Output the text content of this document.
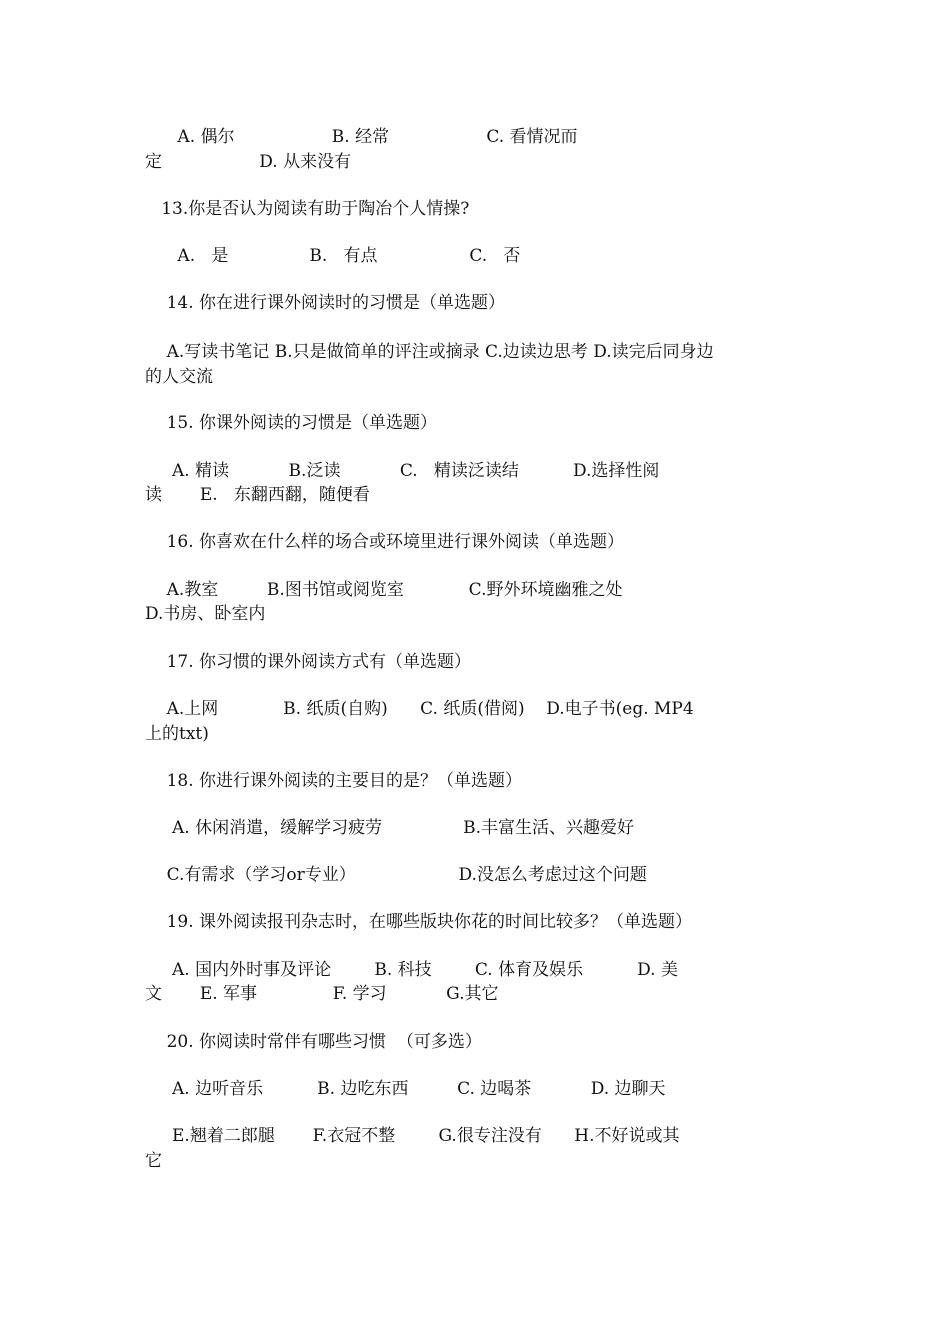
A. 偶尔                  B. 经常                  C. 看情况而

定                  D. 从来没有

13.你是否认为阅读有助于陶冶个人情操?

A.   是               B.   有点                 C.   否

14. 你在进行课外阅读时的习惯是（单选题）

A.写读书笔记 B.只是做简单的评注或摘录 C.边读边思考 D.读完后同身边

的人交流

15. 你课外阅读的习惯是（单选题）

A. 精读           B.泛读           C.   精读泛读结          D.选择性阅

读       E.   东翻西翻，随便看

16. 你喜欢在什么样的场合或环境里进行课外阅读（单选题）

A.教室         B.图书馆或阅览室            C.野外环境幽雅之处

D.书房、卧室内

17. 你习惯的课外阅读方式有（单选题）

A.上网            B. 纸质(自购)      C. 纸质(借阅)    D.电子书(eg. MP4

上的txt)

18. 你进行课外阅读的主要目的是？（单选题）

A. 休闲消遣，缓解学习疲劳               B.丰富生活、兴趣爱好

C.有需求（学习or专业）                   D.没怎么考虑过这个问题

19. 课外阅读报刊杂志时，在哪些版块你花的时间比较多？（单选题）

A. 国内外时事及评论        B. 科技        C. 体育及娱乐          D. 美

文       E. 军事              F. 学习           G.其它

20. 你阅读时常伴有哪些习惯  （可多选）

A. 边听音乐          B. 边吃东西         C. 边喝茶           D. 边聊天

E.翘着二郎腿       F.衣冠不整        G.很专注没有      H.不好说或其

它
